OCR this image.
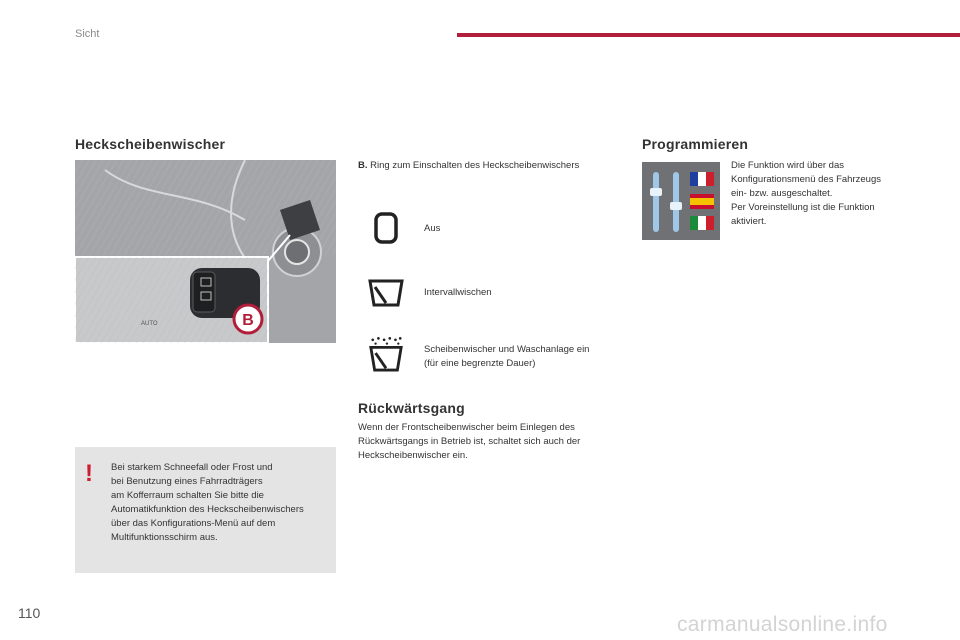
Sicht
Heckscheibenwischer
AUTO	B
! Bei starkem Schneefall oder Frost und
bei Benutzung eines Fahrradträgers
am Kofferraum schalten Sie bitte die
Automatikfunktion des Heckscheibenwischers
über das Konfigurations-Menü auf dem
Multifunktionsschirm aus.
B. Ring zum Einschalten des Heckscheibenwischers
Aus
Intervallwischen
Scheibenwischer und Waschanlage ein
(für eine begrenzte Dauer)
Rückwärtsgang
Wenn der Frontscheibenwischer beim Einlegen des
Rückwärtsgangs in Betrieb ist, schaltet sich auch der
Heckscheibenwischer ein.
Programmieren
Die Funktion wird über das
Konfigurationsmenü des Fahrzeugs
ein- bzw. ausgeschaltet.
Per Voreinstellung ist die Funktion
aktiviert.
110	carmanualsonline.info
